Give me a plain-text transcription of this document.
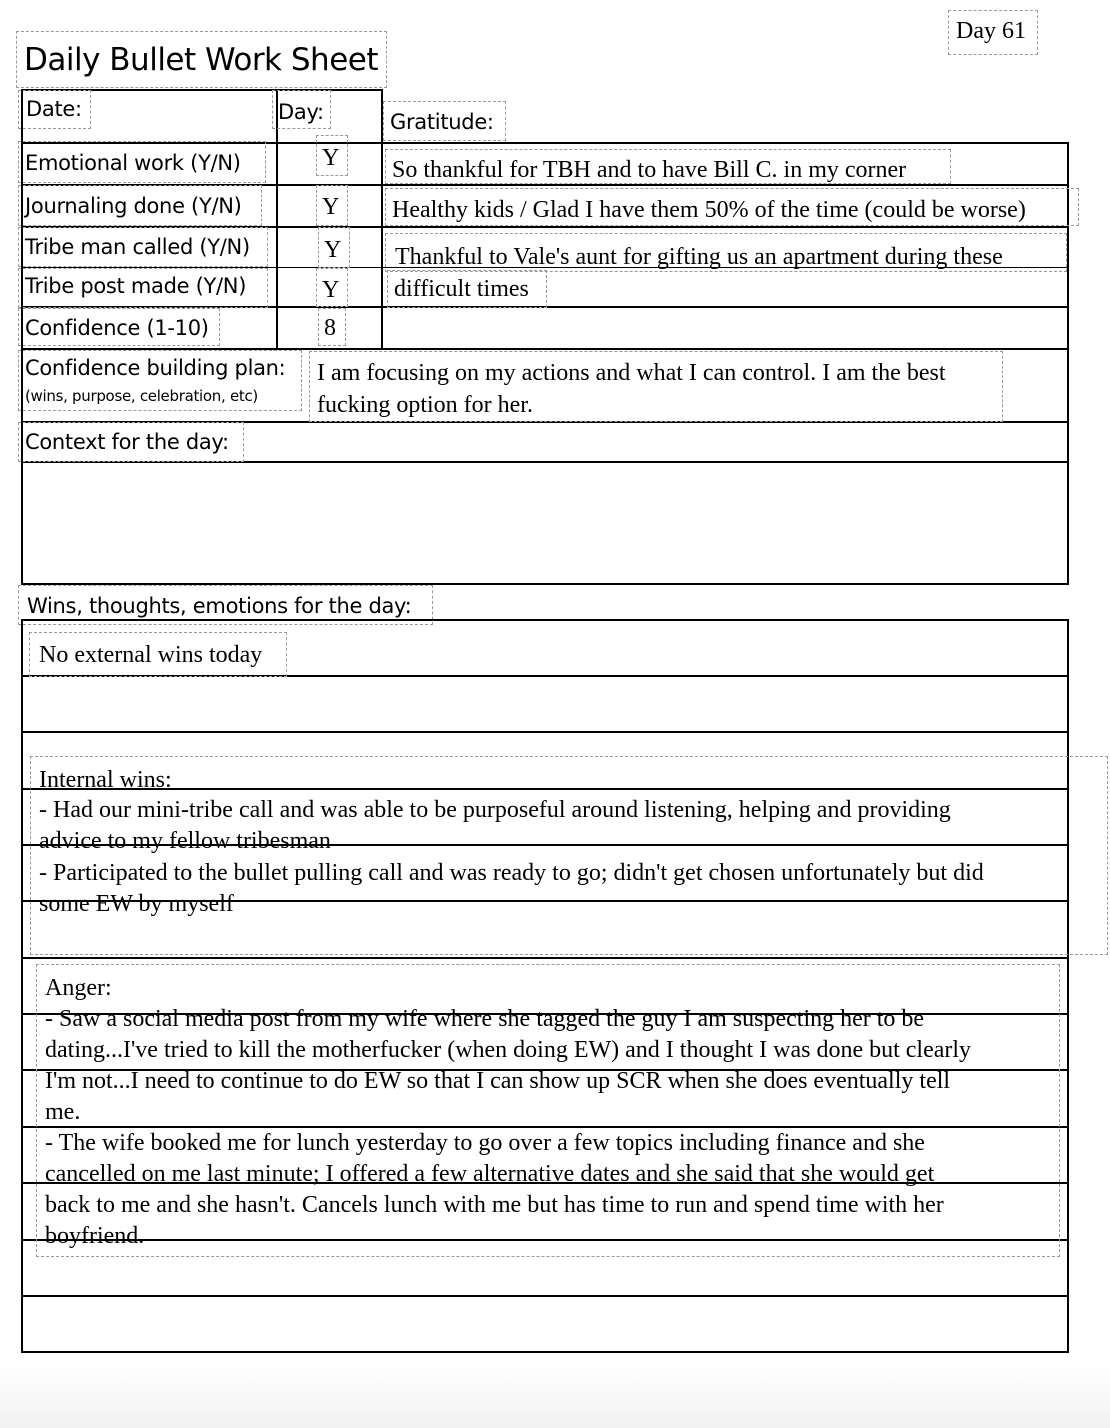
Day 61
Daily Bullet Work Sheet
Date:	Day:	Gratitude:
Emotional work (Y/N)	Y
Journaling done (Y/N)	Y
Tribe man called (Y/N)	Y
Tribe post made (Y/N)	Y
Confidence (1-10)	8
So thankful for TBH and to have Bill C. in my corner
Healthy kids / Glad I have them 50% of the time (could be worse)
Thankful to Vale's aunt for gifting us an apartment during these
difficult times
Confidence building plan:
(wins, purpose, celebration, etc)
I am focusing on my actions and what I can control. I am the best
fucking option for her.
Context for the day:
Wins, thoughts, emotions for the day:
No external wins today
Internal wins:
- Had our mini-tribe call and was able to be purposeful around listening, helping and providing
advice to my fellow tribesman
- Participated to the bullet pulling call and was ready to go; didn't get chosen unfortunately but did
some EW by myself
Anger:
- Saw a social media post from my wife where she tagged the guy I am suspecting her to be
dating...I've tried to kill the motherfucker (when doing EW) and I thought I was done but clearly
I'm not...I need to continue to do EW so that I can show up SCR when she does eventually tell
me.
- The wife booked me for lunch yesterday to go over a few topics including finance and she
cancelled on me last minute; I offered a few alternative dates and she said that she would get
back to me and she hasn't. Cancels lunch with me but has time to run and spend time with her
boyfriend.
